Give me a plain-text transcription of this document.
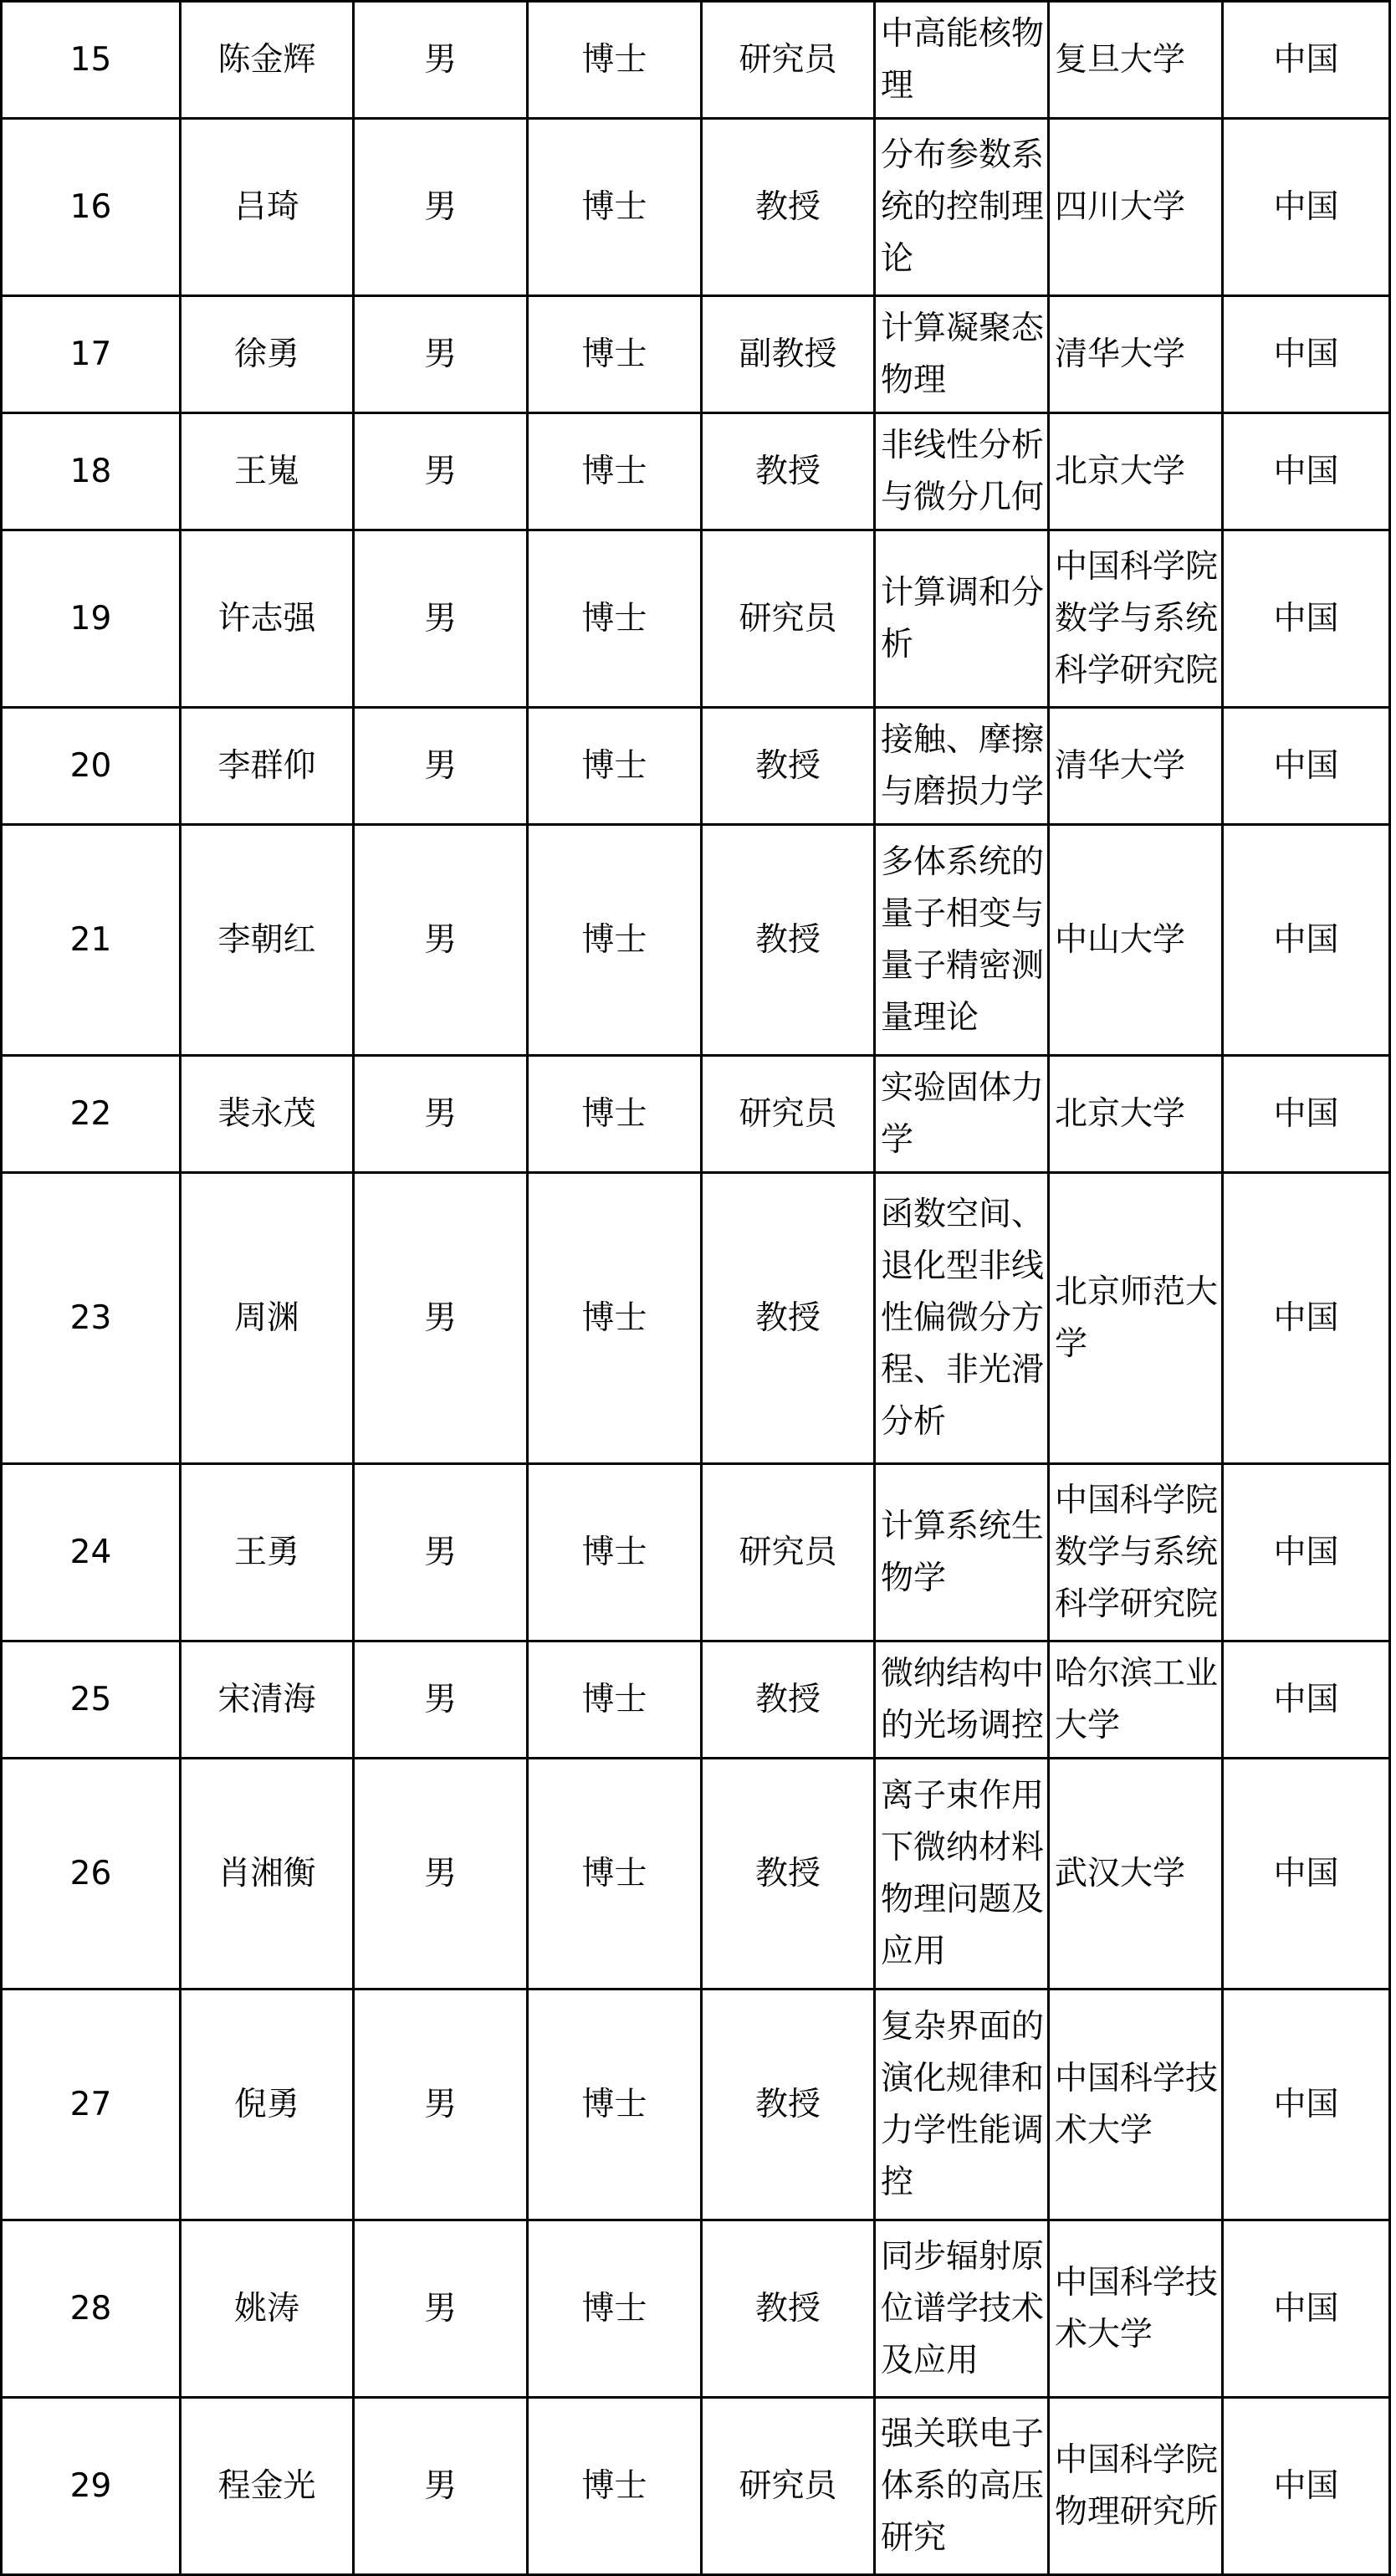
15	陈金辉	男	博士	研究员	中高能核物理	复旦大学	中国

16	吕琦	男	博士	教授	分布参数系统的控制理论	四川大学	中国

17	徐勇	男	博士	副教授	计算凝聚态物理	清华大学	中国

18	王嵬	男	博士	教授	非线性分析与微分几何	北京大学	中国

19	许志强	男	博士	研究员	计算调和分析	中国科学院数学与系统科学研究院	中国

20	李群仰	男	博士	教授	接触、摩擦与磨损力学	清华大学	中国

21	李朝红	男	博士	教授	多体系统的量子相变与量子精密测量理论	中山大学	中国

22	裴永茂	男	博士	研究员	实验固体力学	北京大学	中国

23	周渊	男	博士	教授	函数空间、退化型非线性偏微分方程、非光滑分析	北京师范大学	中国

24	王勇	男	博士	研究员	计算系统生物学	中国科学院数学与系统科学研究院	中国

25	宋清海	男	博士	教授	微纳结构中的光场调控	哈尔滨工业大学	中国

26	肖湘衡	男	博士	教授	离子束作用下微纳材料物理问题及应用	武汉大学	中国

27	倪勇	男	博士	教授	复杂界面的演化规律和力学性能调控	中国科学技术大学	中国

28	姚涛	男	博士	教授	同步辐射原位谱学技术及应用	中国科学技术大学	中国

29	程金光	男	博士	研究员	强关联电子体系的高压研究	中国科学院物理研究所	中国
